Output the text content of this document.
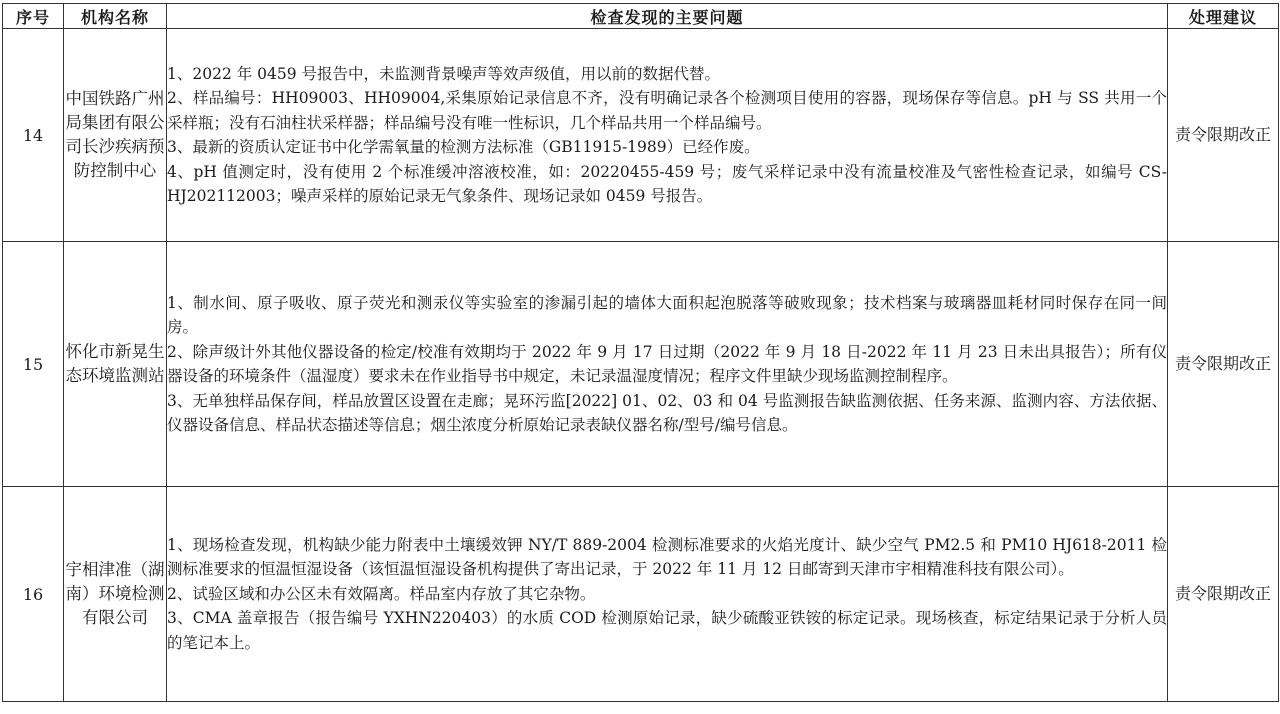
序号	机构名称	检查发现的主要问题	处理建议
14	中国铁路广州局集团有限公司长沙疾病预防控制中心	1、2022 年 0459 号报告中，未监测背景噪声等效声级值，用以前的数据代替。

2、样品编号：HH09003、HH09004,采集原始记录信息不齐，没有明确记录各个检测项目使用的容器，现场保存等信息。pH 与 SS 共用一个采样瓶；没有石油柱状采样器；样品编号没有唯一性标识，几个样品共用一个样品编号。

3、最新的资质认定证书中化学需氧量的检测方法标准（GB11915-1989）已经作废。

4、pH 值测定时，没有使用 2 个标准缓冲溶液校准，如：20220455-459 号；废气采样记录中没有流量校准及气密性检查记录，如编号 CS-HJ202112003；噪声采样的原始记录无气象条件、现场记录如 0459 号报告。	责令限期改正
15	怀化市新晃生态环境监测站	1、制水间、原子吸收、原子荧光和测汞仪等实验室的渗漏引起的墙体大面积起泡脱落等破败现象；技术档案与玻璃器皿耗材同时保存在同一间房。

2、除声级计外其他仪器设备的检定/校准有效期均于 2022 年 9 月 17 日过期（2022 年 9 月 18 日-2022 年 11 月 23 日未出具报告）；所有仪器设备的环境条件（温湿度）要求未在作业指导书中规定，未记录温湿度情况；程序文件里缺少现场监测控制程序。

3、无单独样品保存间，样品放置区设置在走廊；晃环污监[2022] 01、02、03 和 04 号监测报告缺监测依据、任务来源、监测内容、方法依据、仪器设备信息、样品状态描述等信息；烟尘浓度分析原始记录表缺仪器名称/型号/编号信息。	责令限期改正
16	宇相津准（湖南）环境检测有限公司	1、现场检查发现，机构缺少能力附表中土壤缓效钾 NY/T 889-2004 检测标准要求的火焰光度计、缺少空气 PM2.5 和 PM10 HJ618-2011 检测标准要求的恒温恒湿设备（该恒温恒湿设备机构提供了寄出记录，于 2022 年 11 月 12 日邮寄到天津市宇相精准科技有限公司）。

2、试验区域和办公区未有效隔离。样品室内存放了其它杂物。

3、CMA 盖章报告（报告编号 YXHN220403）的水质 COD 检测原始记录，缺少硫酸亚铁铵的标定记录。现场核查，标定结果记录于分析人员的笔记本上。	责令限期改正
